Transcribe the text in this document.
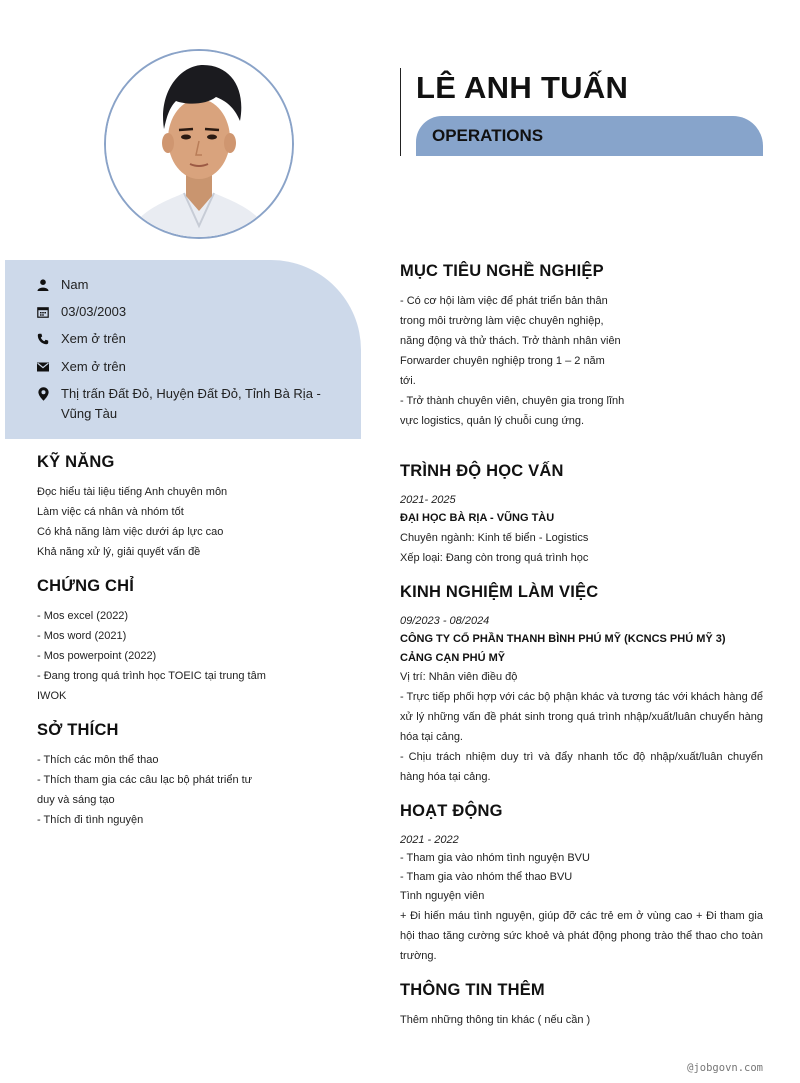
LÊ ANH TUẤN
OPERATIONS
Nam
03/03/2003
Xem ở trên
Xem ở trên
Thị trấn Đất Đỏ, Huyện Đất Đỏ, Tỉnh Bà Rịa - Vũng Tàu
KỸ NĂNG
Đọc hiểu tài liệu tiếng Anh chuyên môn
Làm việc cá nhân và nhóm tốt
Có khả năng làm việc dưới áp lực cao
Khả năng xử lý, giải quyết vấn đề
CHỨNG CHỈ
- Mos excel (2022)
- Mos word (2021)
- Mos powerpoint (2022)
- Đang trong quá trình học TOEIC tại trung tâm
IWOK
SỞ THÍCH
- Thích các môn thể thao
- Thích tham gia các câu lạc bộ phát triển tư
duy và sáng tạo
- Thích đi tình nguyện
MỤC TIÊU NGHỀ NGHIỆP
- Có cơ hội làm việc để phát triển bản thân
trong môi trường làm việc chuyên nghiệp,
năng động và thử thách. Trở thành nhân viên
Forwarder chuyên nghiệp trong 1 – 2 năm
tới.
- Trở thành chuyên viên, chuyên gia trong lĩnh
vực logistics, quản lý chuỗi cung ứng.
TRÌNH ĐỘ HỌC VẤN
2021- 2025
ĐẠI HỌC BÀ RỊA - VŨNG TÀU
Chuyên ngành: Kinh tế biển - Logistics
Xếp loại: Đang còn trong quá trình học
KINH NGHIỆM LÀM VIỆC
09/2023 - 08/2024
CÔNG TY CỔ PHẦN THANH BÌNH PHÚ MỸ (KCNCS PHÚ MỸ 3)
CẢNG CẠN PHÚ MỸ
Vị trí: Nhân viên điều độ
- Trực tiếp phối hợp với các bộ phận khác và tương tác với khách hàng để xử lý những vấn đề phát sinh trong quá trình nhập/xuất/luân chuyển hàng hóa tại cảng.
- Chịu trách nhiệm duy trì và đẩy nhanh tốc độ nhập/xuất/luân chuyển hàng hóa tại cảng.
HOẠT ĐỘNG
2021 - 2022
- Tham gia vào nhóm tình nguyện BVU
- Tham gia vào nhóm thể thao BVU
Tình nguyện viên
+ Đi hiến máu tình nguyện, giúp đỡ các trẻ em ở vùng cao + Đi tham gia hội thao tăng cường sức khoẻ và phát động phong trào thể thao cho toàn trường.
THÔNG TIN THÊM
Thêm những thông tin khác ( nếu cần )
@jobgovn.com
